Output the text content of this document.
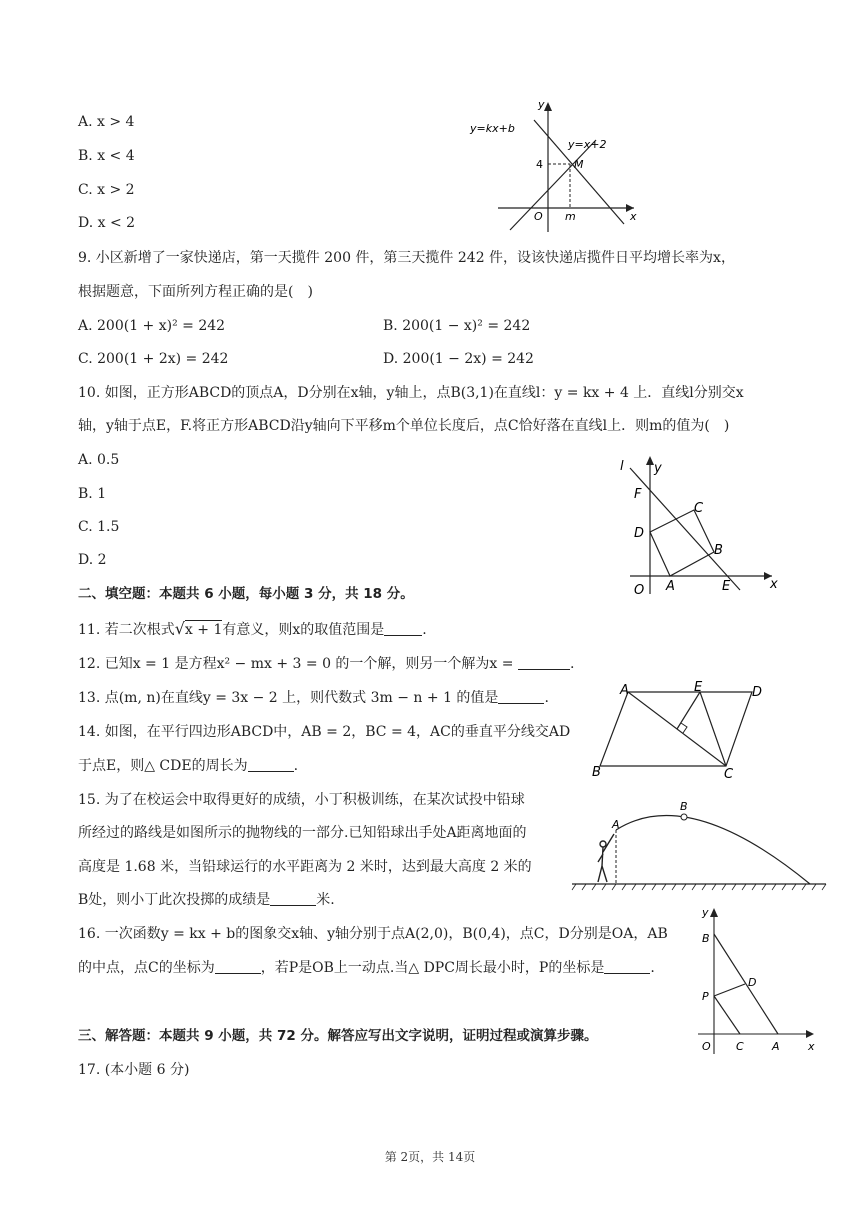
A. x > 4
B. x < 4
C. x > 2
D. x < 2
y=kx+b
y=x+2
y
x
O
4
m
M
9. 小区新增了一家快递店，第一天揽件 200 件，第三天揽件 242 件，设该快递店揽件日平均增长率为x，
根据题意，下面所列方程正确的是(　)
A. 200(1 + x)² = 242	B. 200(1 − x)² = 242
C. 200(1 + 2x) = 242	D. 200(1 − 2x) = 242
10. 如图，正方形ABCD的顶点A，D分别在x轴，y轴上，点B(3,1)在直线l：y = kx + 4 上．直线l分别交x
轴，y轴于点E，F.将正方形ABCD沿y轴向下平移m个单位长度后，点C恰好落在直线l上．则m的值为(　)
A. 0.5
B. 1
C. 1.5
D. 2
l y
x
O A
B
C
D
E
F
二、填空题：本题共 6 小题，每小题 3 分，共 18 分。
11. 若二次根式√x + 1有意义，则x的取值范围是	.
12. 已知x = 1 是方程x² − mx + 3 = 0 的一个解，则另一个解为x =	.
13. 点(m, n)在直线y = 3x − 2 上，则代数式 3m − n + 1 的值是	.
14. 如图，在平行四边形ABCD中，AB = 2，BC = 4，AC的垂直平分线交AD
于点E，则△ CDE的周长为	.
A	E	D
B	C
15. 为了在校运会中取得更好的成绩，小丁积极训练，在某次试投中铅球
所经过的路线是如图所示的抛物线的一部分.已知铅球出手处A距离地面的
高度是 1.68 米，当铅球运行的水平距离为 2 米时，达到最大高度 2 米的
B处，则小丁此次投掷的成绩是	米.
A
B
16. 一次函数y = kx + b的图象交x轴、y轴分别于点A(2,0)，B(0,4)，点C，D分别是OA，AB
的中点，点C的坐标为	，若P是OB上一动点.当△ DPC周长最小时，P的坐标是	.
y
x
O	A
B
C
D
P
三、解答题：本题共 9 小题，共 72 分。解答应写出文字说明，证明过程或演算步骤。
17. (本小题 6 分)
第 2页，共 14页
